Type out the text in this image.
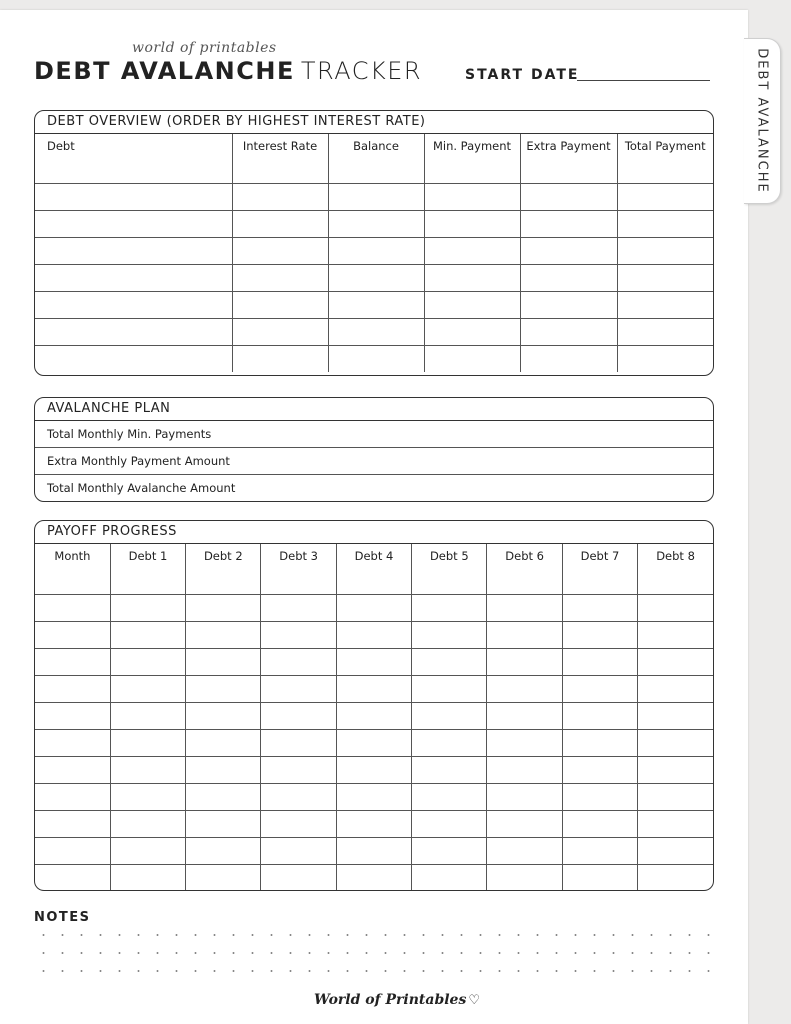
DEBT AVALANCHE
world of printables
DEBT AVALANCHE TRACKER	START DATE
DEBT OVERVIEW (ORDER BY HIGHEST INTEREST RATE)
Debt	Interest Rate	Balance	Min. Payment	Extra Payment	Total Payment

AVALANCHE PLAN
Total Monthly Min. Payments
Extra Monthly Payment Amount
Total Monthly Avalanche Amount
PAYOFF PROGRESS
Month	Debt 1	Debt 2	Debt 3	Debt 4	Debt 5	Debt 6	Debt 7	Debt 8

NOTES
World of Printables ♡
